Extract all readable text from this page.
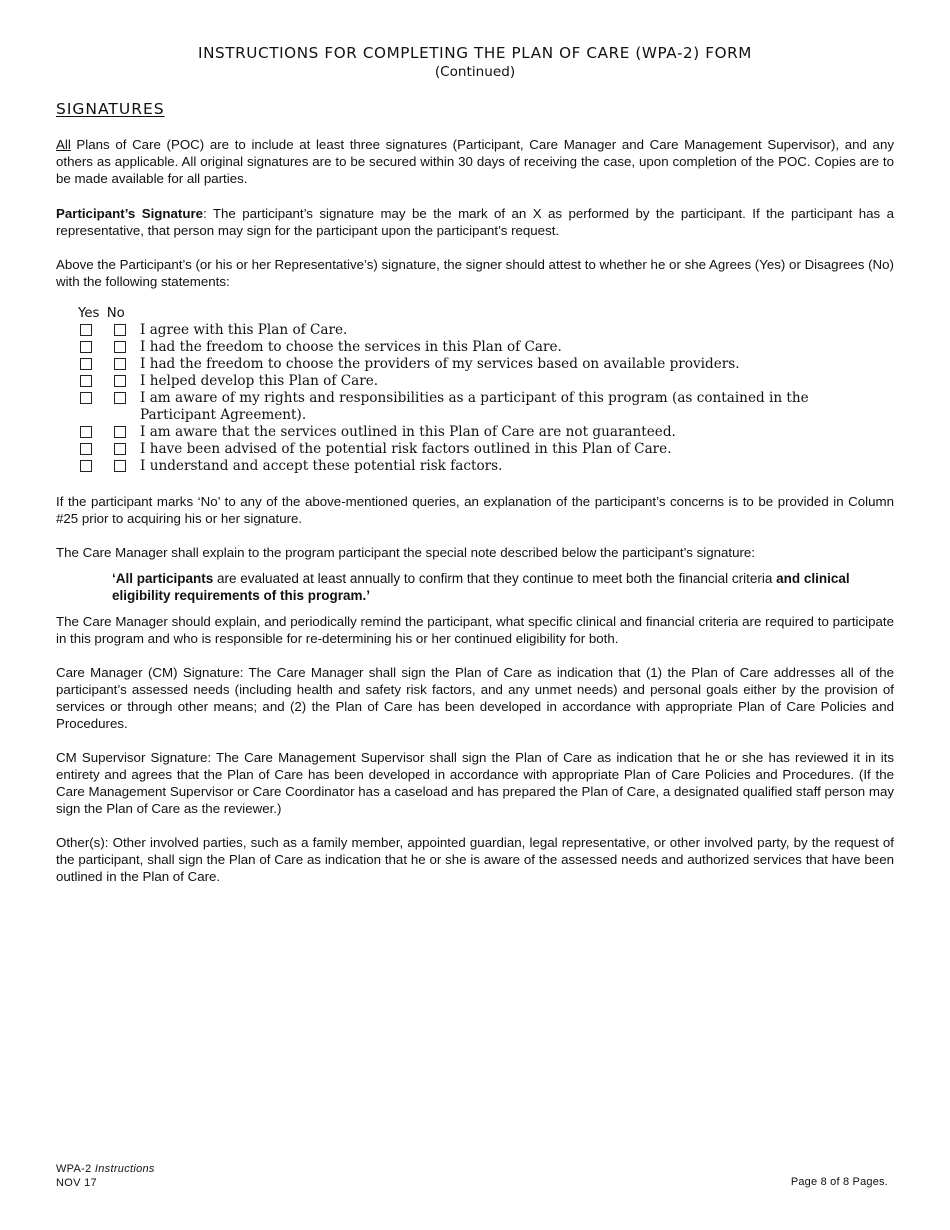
INSTRUCTIONS FOR COMPLETING THE PLAN OF CARE (WPA-2) FORM
(Continued)
SIGNATURES

All Plans of Care (POC) are to include at least three signatures (Participant, Care Manager and Care Management Supervisor), and any others as applicable. All original signatures are to be secured within 30 days of receiving the case, upon completion of the POC. Copies are to be made available for all parties.

Participant’s Signature: The participant’s signature may be the mark of an X as performed by the participant. If the participant has a representative, that person may sign for the participant upon the participant’s request.

Above the Participant’s (or his or her Representative’s) signature, the signer should attest to whether he or she Agrees (Yes) or Disagrees (No) with the following statements:

Yes No
I agree with this Plan of Care.
I had the freedom to choose the services in this Plan of Care.
I had the freedom to choose the providers of my services based on available providers.
I helped develop this Plan of Care.
I am aware of my rights and responsibilities as a participant of this program (as contained in the Participant Agreement).
I am aware that the services outlined in this Plan of Care are not guaranteed.
I have been advised of the potential risk factors outlined in this Plan of Care.
I understand and accept these potential risk factors.

If the participant marks ‘No’ to any of the above-mentioned queries, an explanation of the participant’s concerns is to be provided in Column #25 prior to acquiring his or her signature.

The Care Manager shall explain to the program participant the special note described below the participant’s signature:

‘All participants are evaluated at least annually to confirm that they continue to meet both the financial criteria and clinical eligibility requirements of this program.’

The Care Manager should explain, and periodically remind the participant, what specific clinical and financial criteria are required to participate in this program and who is responsible for re-determining his or her continued eligibility for both.

Care Manager (CM) Signature: The Care Manager shall sign the Plan of Care as indication that (1) the Plan of Care addresses all of the participant’s assessed needs (including health and safety risk factors, and any unmet needs) and personal goals either by the provision of services or through other means; and (2) the Plan of Care has been developed in accordance with appropriate Plan of Care Policies and Procedures.

CM Supervisor Signature: The Care Management Supervisor shall sign the Plan of Care as indication that he or she has reviewed it in its entirety and agrees that the Plan of Care has been developed in accordance with appropriate Plan of Care Policies and Procedures. (If the Care Management Supervisor or Care Coordinator has a caseload and has prepared the Plan of Care, a designated qualified staff person may sign the Plan of Care as the reviewer.)

Other(s): Other involved parties, such as a family member, appointed guardian, legal representative, or other involved party, by the request of the participant, shall sign the Plan of Care as indication that he or she is aware of the assessed needs and authorized services that have been outlined in the Plan of Care.

WPA-2 Instructions
NOV 17	Page 8 of 8 Pages.
